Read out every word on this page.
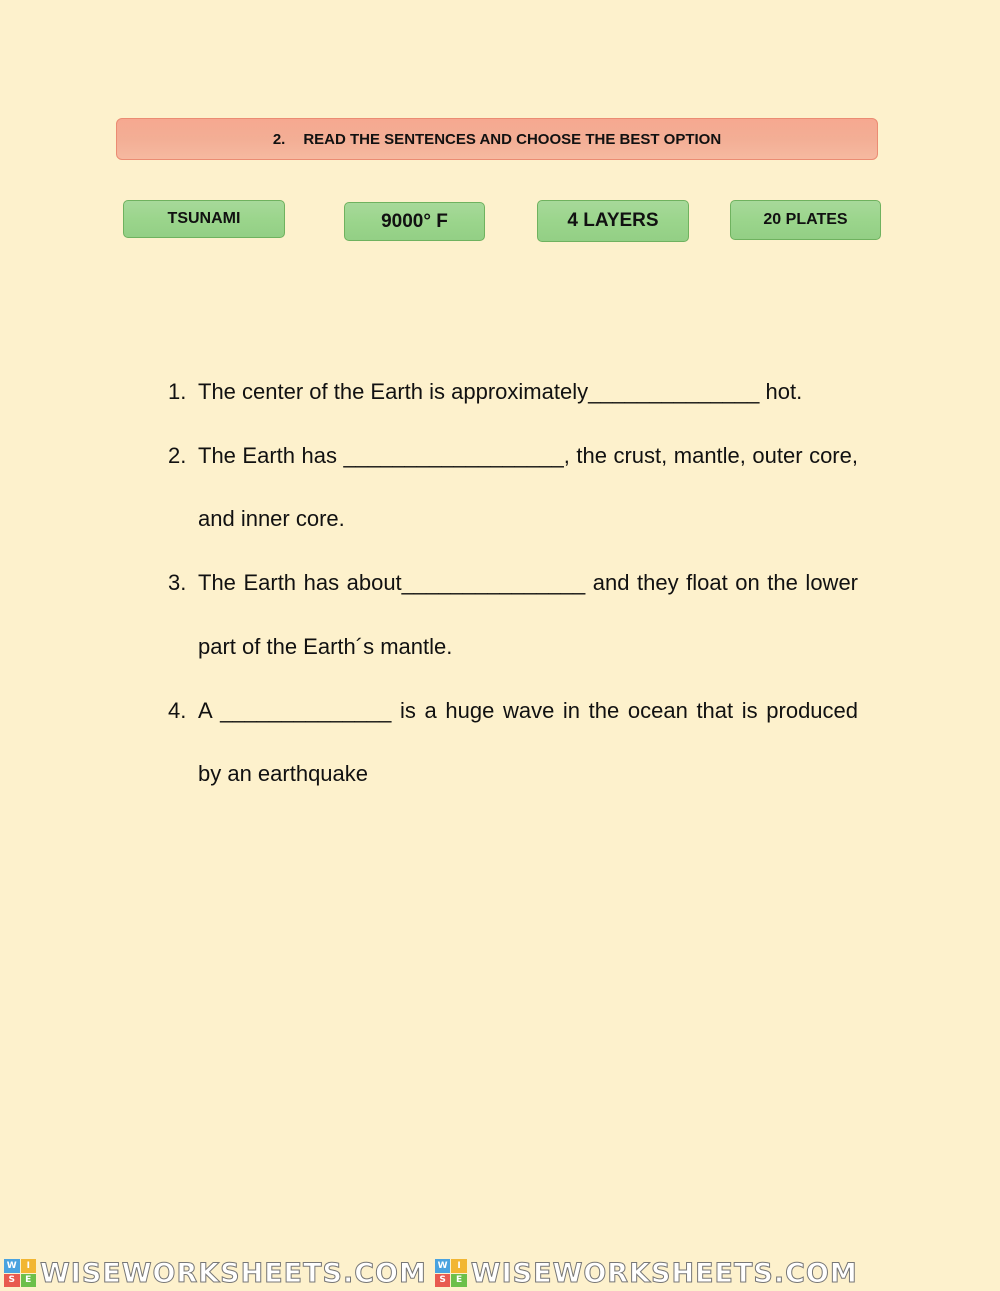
2. READ THE SENTENCES AND CHOOSE THE BEST OPTION
TSUNAMI	9000° F	4 LAYERS	20 PLATES
1. The center of the Earth is approximately______________ hot.
2. The Earth has __________________, the crust, mantle, outer core, and inner core.
3. The Earth has about_______________ and they float on the lower part of the Earth´s mantle.
4. A ______________ is a huge wave in the ocean that is produced by an earthquake
W	I
S	E WISEWORKSHEETS.COM	W	I
S	E WISEWORKSHEETS.COM
